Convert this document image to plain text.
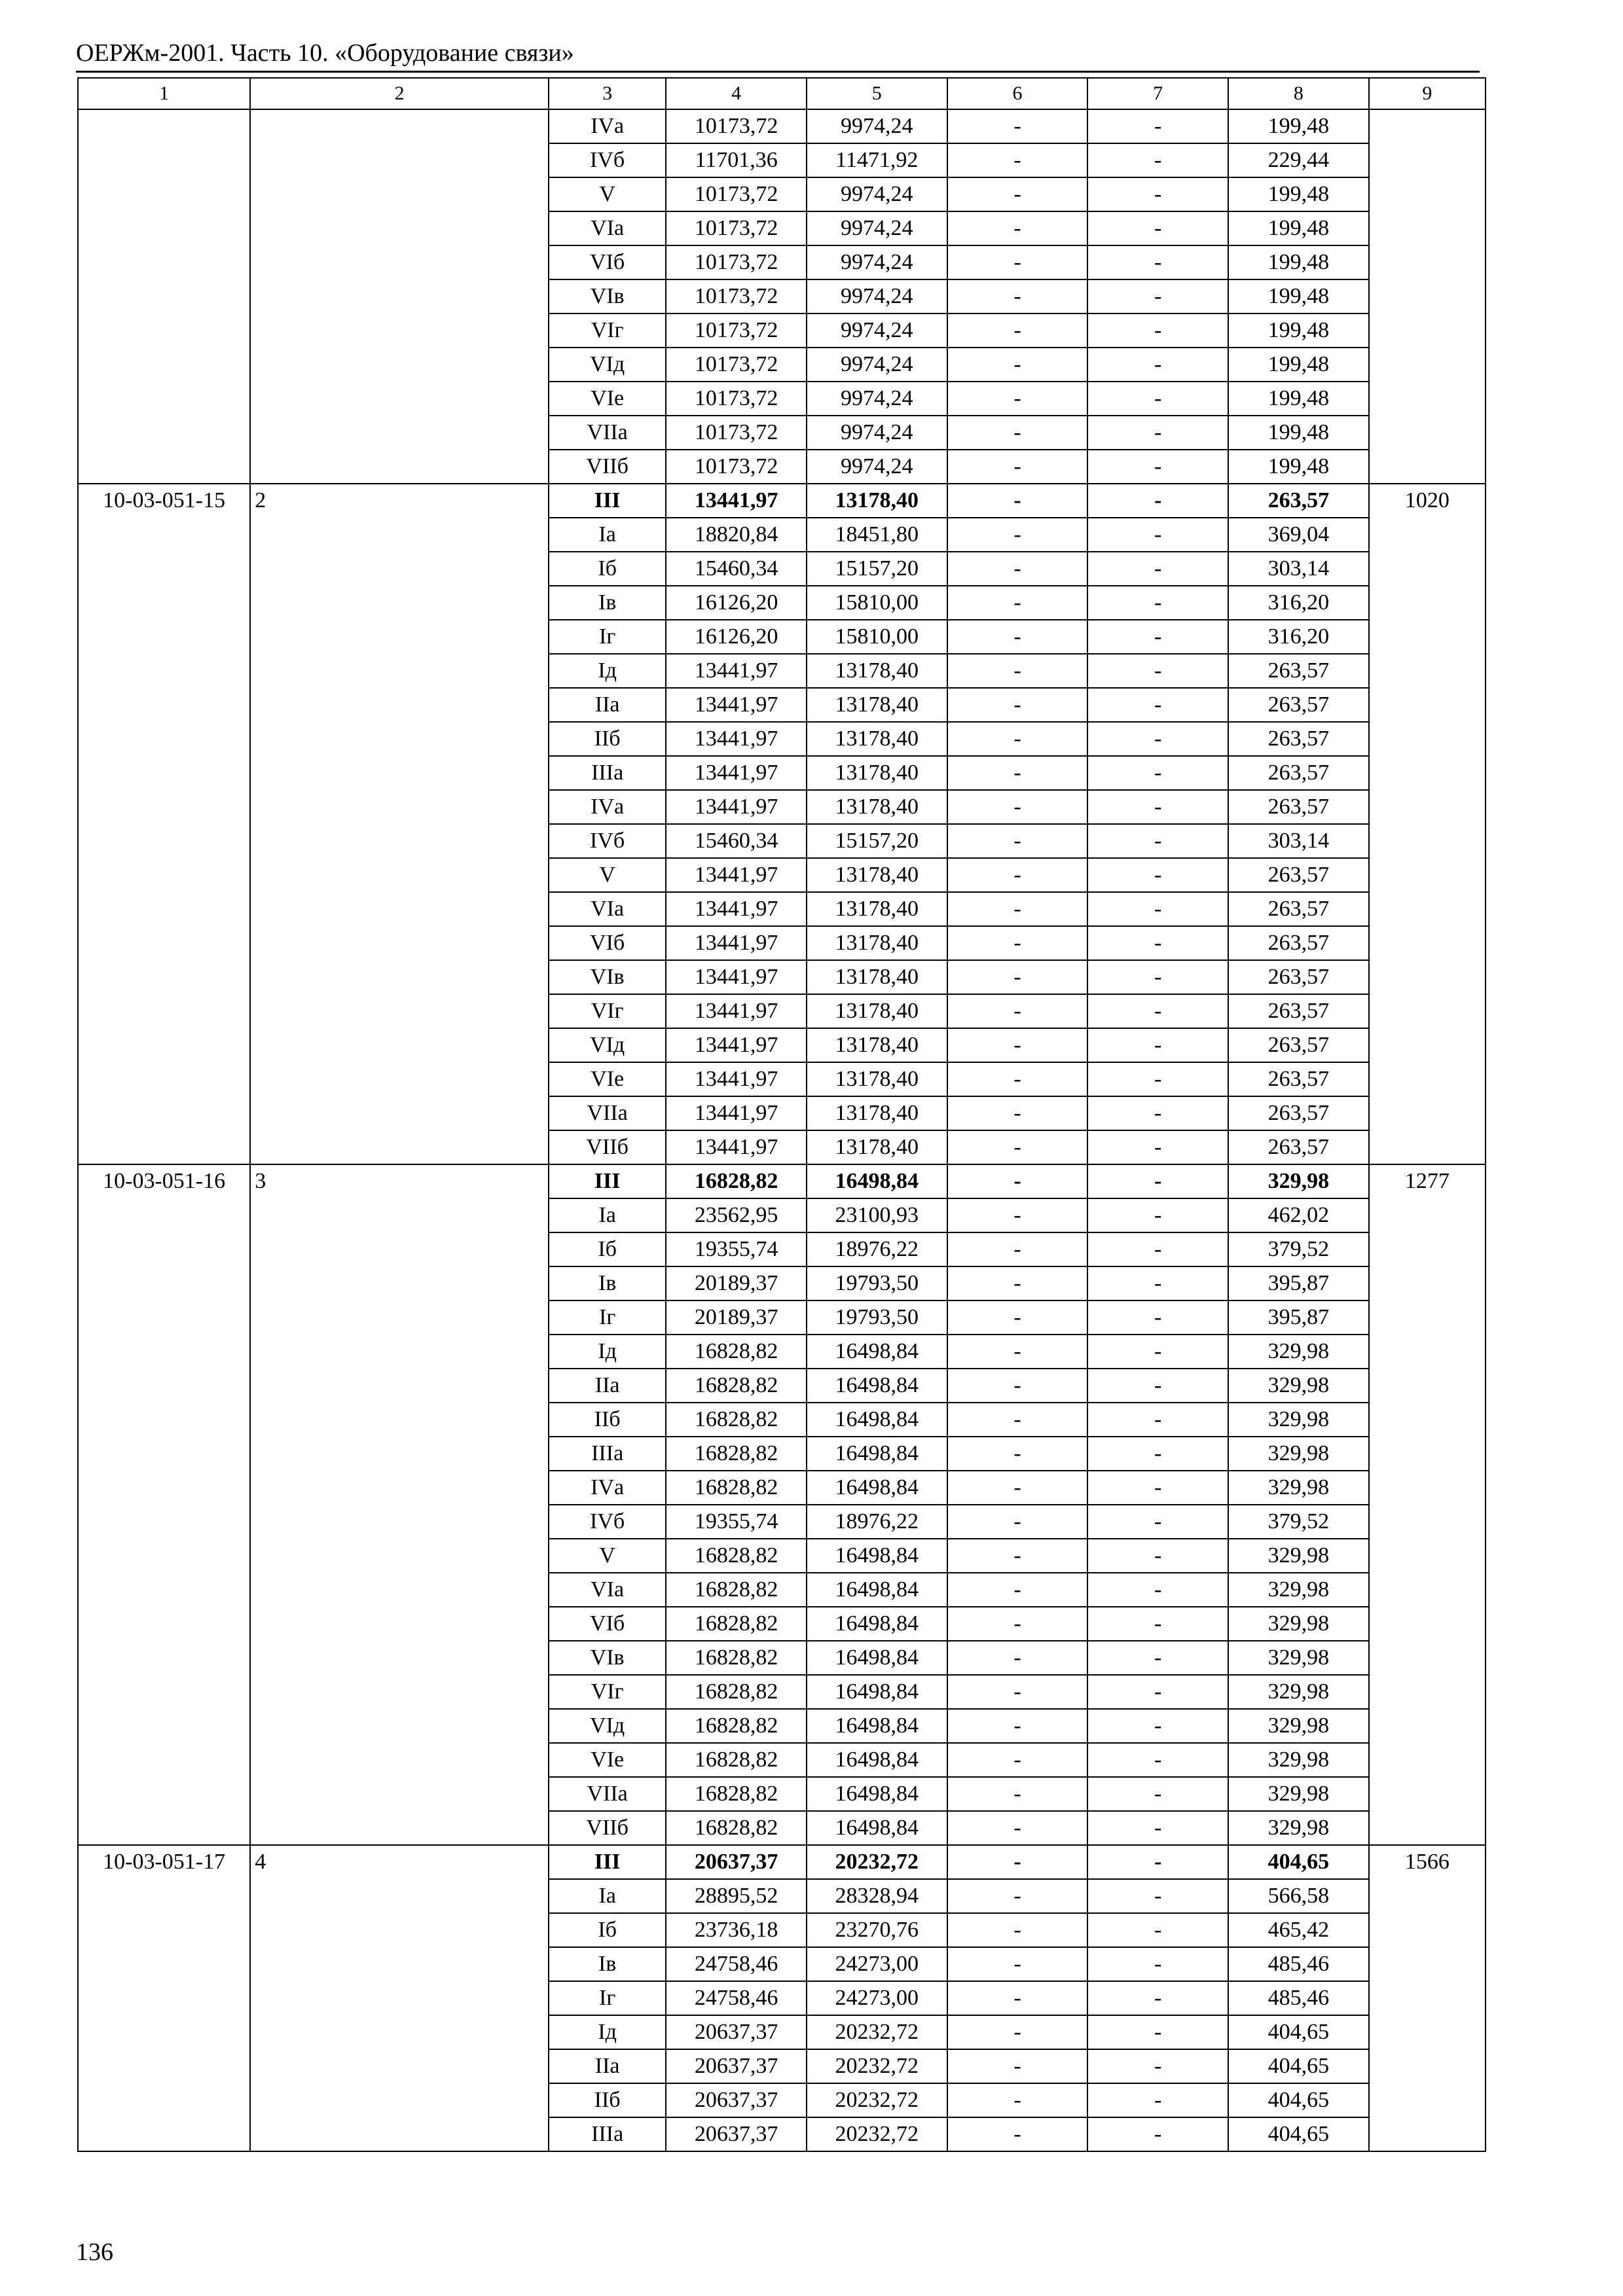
ОЕРЖм-2001. Часть 10. «Оборудование связи»
1	2	3	4	5	6	7	8	9
		IVа	10173,72	9974,24	-	-	199,48	
		IVб	11701,36	11471,92	-	-	229,44	
		V	10173,72	9974,24	-	-	199,48	
		VIа	10173,72	9974,24	-	-	199,48	
		VIб	10173,72	9974,24	-	-	199,48	
		VIв	10173,72	9974,24	-	-	199,48	
		VIг	10173,72	9974,24	-	-	199,48	
		VIд	10173,72	9974,24	-	-	199,48	
		VIе	10173,72	9974,24	-	-	199,48	
		VIIа	10173,72	9974,24	-	-	199,48	
		VIIб	10173,72	9974,24	-	-	199,48	
10-03-051-15	2	III	13441,97	13178,40	-	-	263,57	1020
		Iа	18820,84	18451,80	-	-	369,04	
		Iб	15460,34	15157,20	-	-	303,14	
		Iв	16126,20	15810,00	-	-	316,20	
		Iг	16126,20	15810,00	-	-	316,20	
		Iд	13441,97	13178,40	-	-	263,57	
		IIа	13441,97	13178,40	-	-	263,57	
		IIб	13441,97	13178,40	-	-	263,57	
		IIIа	13441,97	13178,40	-	-	263,57	
		IVа	13441,97	13178,40	-	-	263,57	
		IVб	15460,34	15157,20	-	-	303,14	
		V	13441,97	13178,40	-	-	263,57	
		VIа	13441,97	13178,40	-	-	263,57	
		VIб	13441,97	13178,40	-	-	263,57	
		VIв	13441,97	13178,40	-	-	263,57	
		VIг	13441,97	13178,40	-	-	263,57	
		VIд	13441,97	13178,40	-	-	263,57	
		VIе	13441,97	13178,40	-	-	263,57	
		VIIа	13441,97	13178,40	-	-	263,57	
		VIIб	13441,97	13178,40	-	-	263,57	
10-03-051-16	3	III	16828,82	16498,84	-	-	329,98	1277
		Iа	23562,95	23100,93	-	-	462,02	
		Iб	19355,74	18976,22	-	-	379,52	
		Iв	20189,37	19793,50	-	-	395,87	
		Iг	20189,37	19793,50	-	-	395,87	
		Iд	16828,82	16498,84	-	-	329,98	
		IIа	16828,82	16498,84	-	-	329,98	
		IIб	16828,82	16498,84	-	-	329,98	
		IIIа	16828,82	16498,84	-	-	329,98	
		IVа	16828,82	16498,84	-	-	329,98	
		IVб	19355,74	18976,22	-	-	379,52	
		V	16828,82	16498,84	-	-	329,98	
		VIа	16828,82	16498,84	-	-	329,98	
		VIб	16828,82	16498,84	-	-	329,98	
		VIв	16828,82	16498,84	-	-	329,98	
		VIг	16828,82	16498,84	-	-	329,98	
		VIд	16828,82	16498,84	-	-	329,98	
		VIе	16828,82	16498,84	-	-	329,98	
		VIIа	16828,82	16498,84	-	-	329,98	
		VIIб	16828,82	16498,84	-	-	329,98	
10-03-051-17	4	III	20637,37	20232,72	-	-	404,65	1566
		Iа	28895,52	28328,94	-	-	566,58	
		Iб	23736,18	23270,76	-	-	465,42	
		Iв	24758,46	24273,00	-	-	485,46	
		Iг	24758,46	24273,00	-	-	485,46	
		Iд	20637,37	20232,72	-	-	404,65	
		IIа	20637,37	20232,72	-	-	404,65	
		IIб	20637,37	20232,72	-	-	404,65	
		IIIа	20637,37	20232,72	-	-	404,65	
136
